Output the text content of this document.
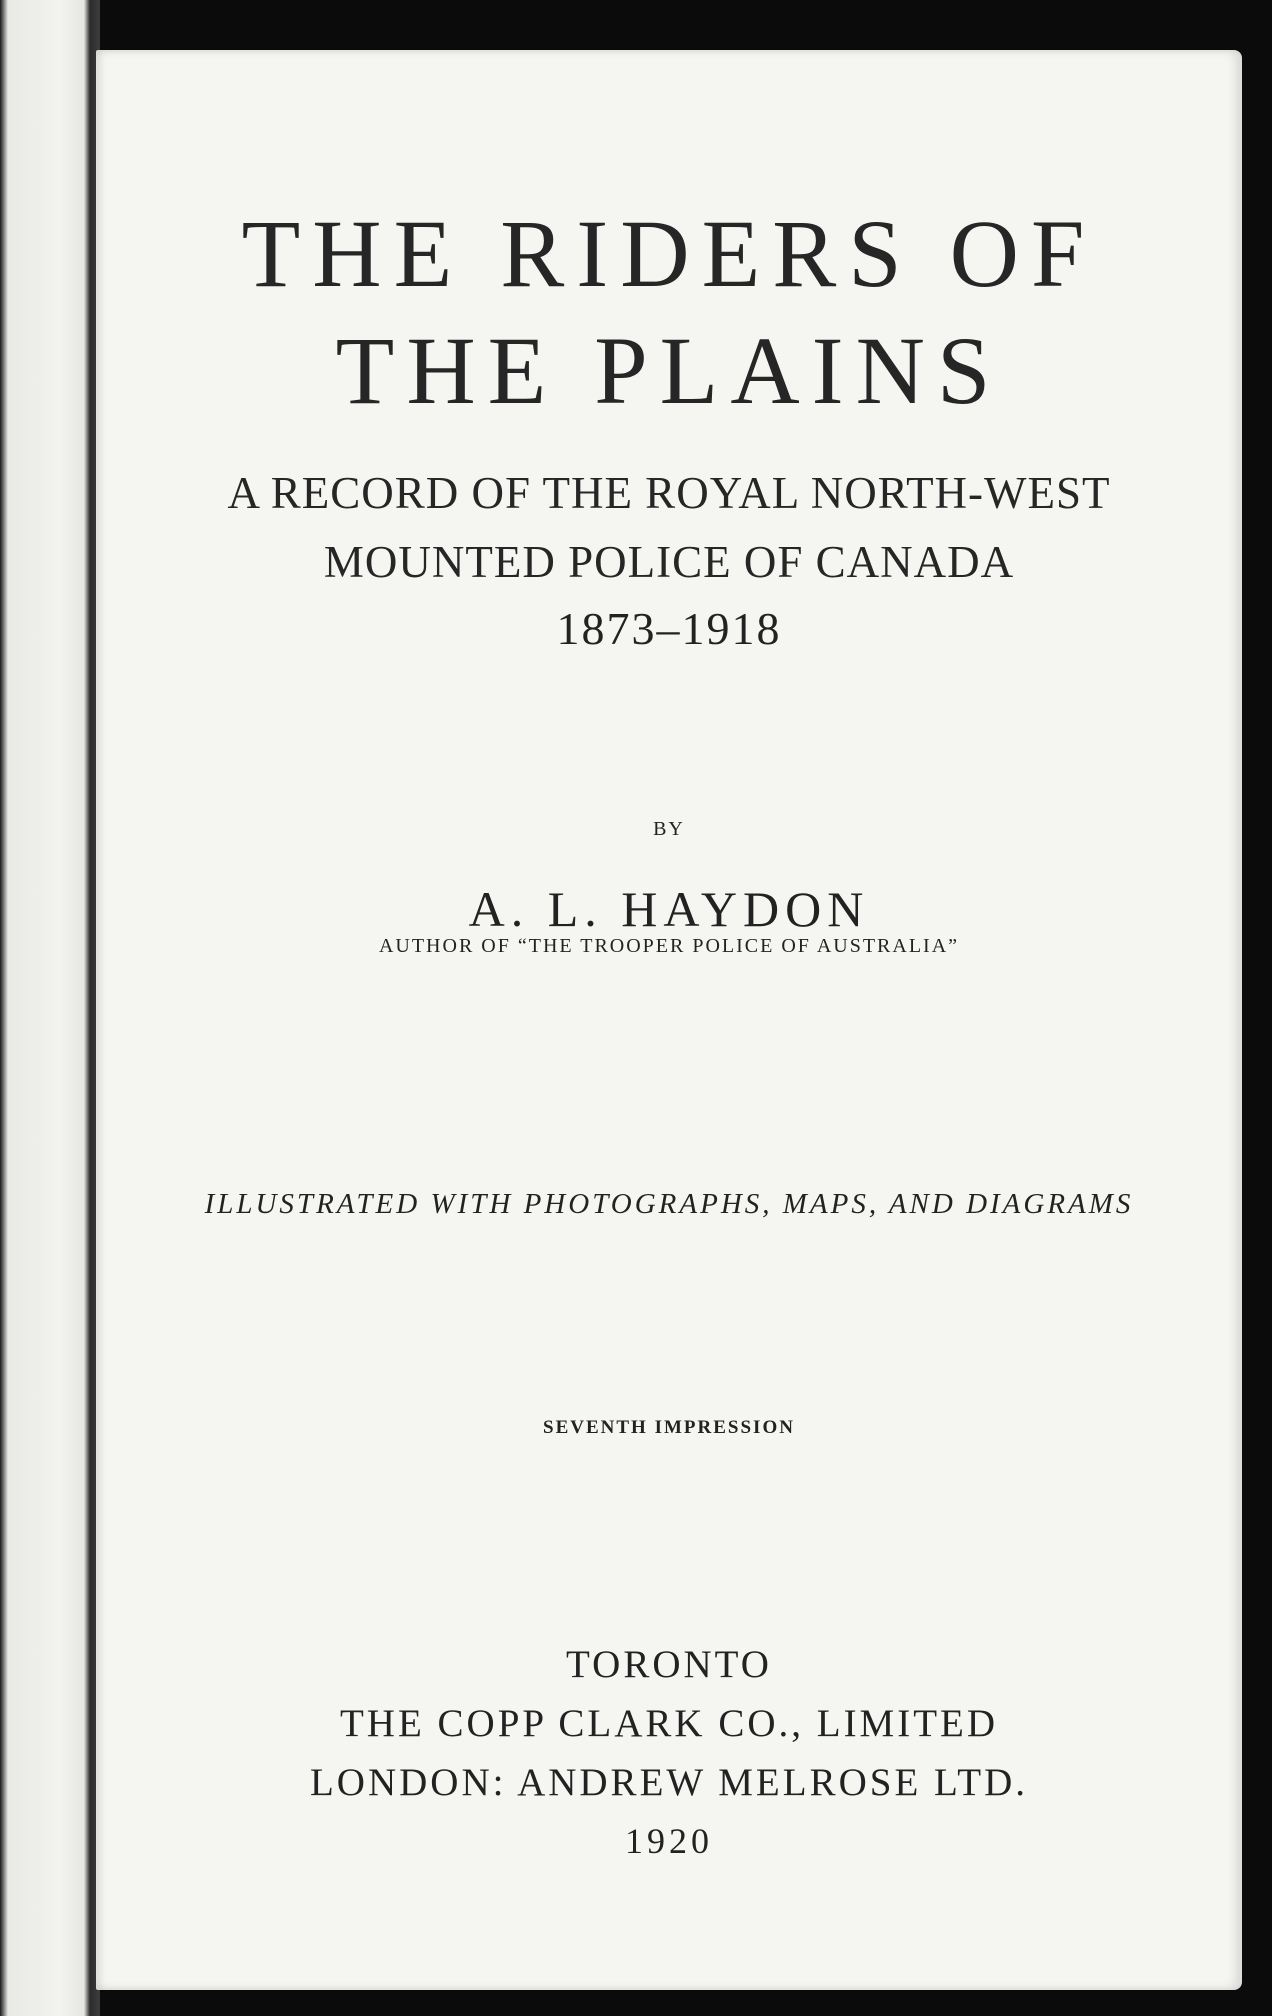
THE RIDERS OF
THE PLAINS
A RECORD OF THE ROYAL NORTH-WEST
MOUNTED POLICE OF CANADA
1873–1918
BY
A. L. HAYDON
AUTHOR OF “THE TROOPER POLICE OF AUSTRALIA”
ILLUSTRATED WITH PHOTOGRAPHS, MAPS, AND DIAGRAMS
SEVENTH IMPRESSION
TORONTO
THE COPP CLARK CO., LIMITED
LONDON: ANDREW MELROSE LTD.
1920
